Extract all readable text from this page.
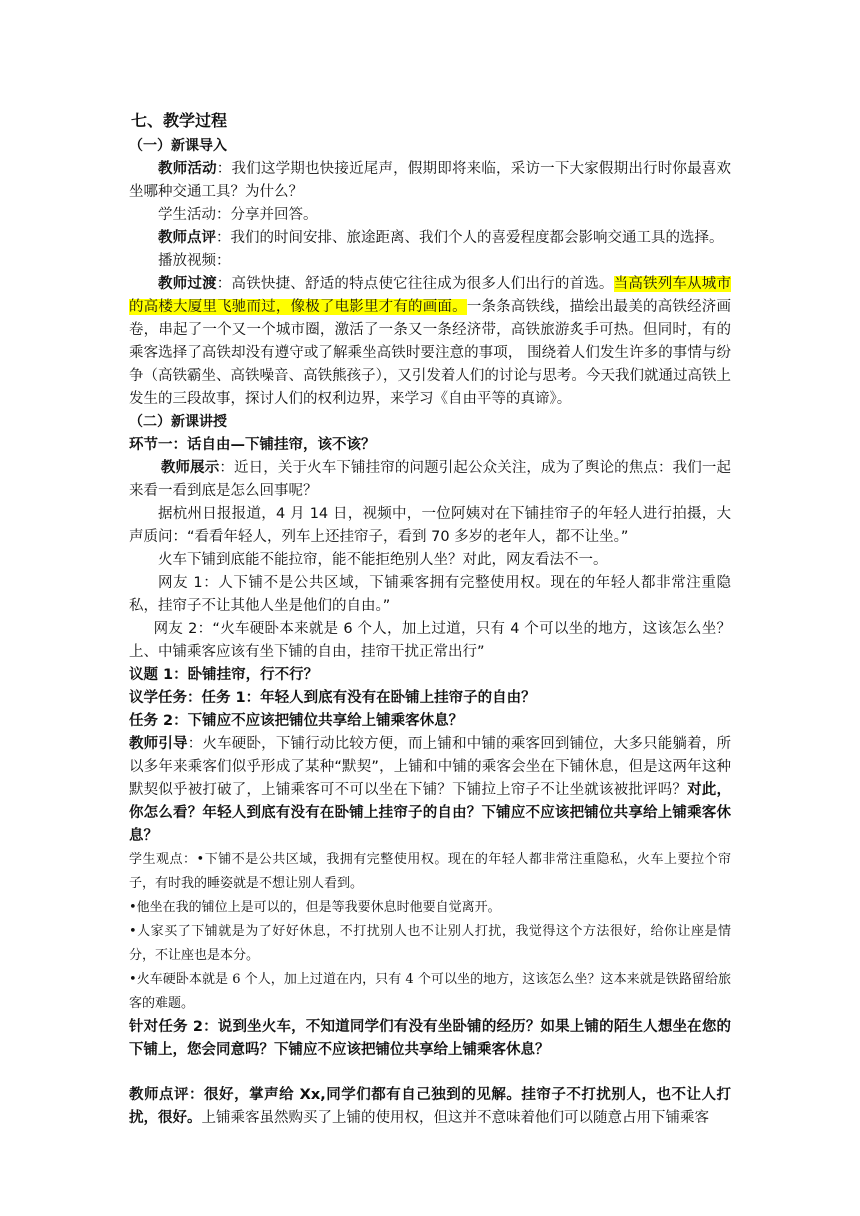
七、教学过程
（一）新课导入

教师活动：我们这学期也快接近尾声，假期即将来临，采访一下大家假期出行时你最喜欢坐哪种交通工具？为什么？

学生活动：分享并回答。

教师点评：我们的时间安排、旅途距离、我们个人的喜爱程度都会影响交通工具的选择。

播放视频：

教师过渡：高铁快捷、舒适的特点使它往往成为很多人们出行的首选。当高铁列车从城市的高楼大厦里飞驰而过，像极了电影里才有的画面。一条条高铁线，描绘出最美的高铁经济画卷，串起了一个又一个城市圈，激活了一条又一条经济带，高铁旅游炙手可热。但同时，有的乘客选择了高铁却没有遵守或了解乘坐高铁时要注意的事项， 围绕着人们发生许多的事情与纷争（高铁霸坐、高铁噪音、高铁熊孩子），又引发着人们的讨论与思考。今天我们就通过高铁上发生的三段故事，探讨人们的权利边界，来学习《自由平等的真谛》。

（二）新课讲授

环节一：话自由—下铺挂帘，该不该？

教师展示：近日，关于火车下铺挂帘的问题引起公众关注，成为了舆论的焦点：我们一起来看一看到底是怎么回事呢？

据杭州日报报道，4 月 14 日，视频中，一位阿姨对在下铺挂帘子的年轻人进行拍摄，大声质问：“看看年轻人，列车上还挂帘子，看到 70 多岁的老年人，都不让坐。”

火车下铺到底能不能拉帘，能不能拒绝别人坐？对此，网友看法不一。

网友 1：人下铺不是公共区域，下铺乘客拥有完整使用权。现在的年轻人都非常注重隐私，挂帘子不让其他人坐是他们的自由。”

网友 2：“火车硬卧本来就是 6 个人，加上过道，只有 4 个可以坐的地方，这该怎么坐？上、中铺乘客应该有坐下铺的自由，挂帘干扰正常出行”

议题 1：卧铺挂帘，行不行？

议学任务：任务 1：年轻人到底有没有在卧铺上挂帘子的自由？

任务 2：下铺应不应该把铺位共享给上铺乘客休息？

教师引导：火车硬卧，下铺行动比较方便，而上铺和中铺的乘客回到铺位，大多只能躺着，所以多年来乘客们似乎形成了某种“默契”，上铺和中铺的乘客会坐在下铺休息，但是这两年这种默契似乎被打破了，上铺乘客可不可以坐在下铺？下铺拉上帘子不让坐就该被批评吗？对此，你怎么看？年轻人到底有没有在卧铺上挂帘子的自由？下铺应不应该把铺位共享给上铺乘客休息？

学生观点：•下铺不是公共区域，我拥有完整使用权。现在的年轻人都非常注重隐私，火车上要拉个帘子，有时我的睡姿就是不想让别人看到。

•他坐在我的铺位上是可以的，但是等我要休息时他要自觉离开。

•人家买了下铺就是为了好好休息，不打扰别人也不让别人打扰，我觉得这个方法很好，给你让座是情分，不让座也是本分。

•火车硬卧本就是 6 个人，加上过道在内，只有 4 个可以坐的地方，这该怎么坐？这本来就是铁路留给旅客的难题。

针对任务 2：说到坐火车，不知道同学们有没有坐卧铺的经历？如果上铺的陌生人想坐在您的下铺上，您会同意吗？下铺应不应该把铺位共享给上铺乘客休息？

教师点评：很好，掌声给 Xx,同学们都有自己独到的见解。挂帘子不打扰别人，也不让人打扰，很好。上铺乘客虽然购买了上铺的使用权，但这并不意味着他们可以随意占用下铺乘客
